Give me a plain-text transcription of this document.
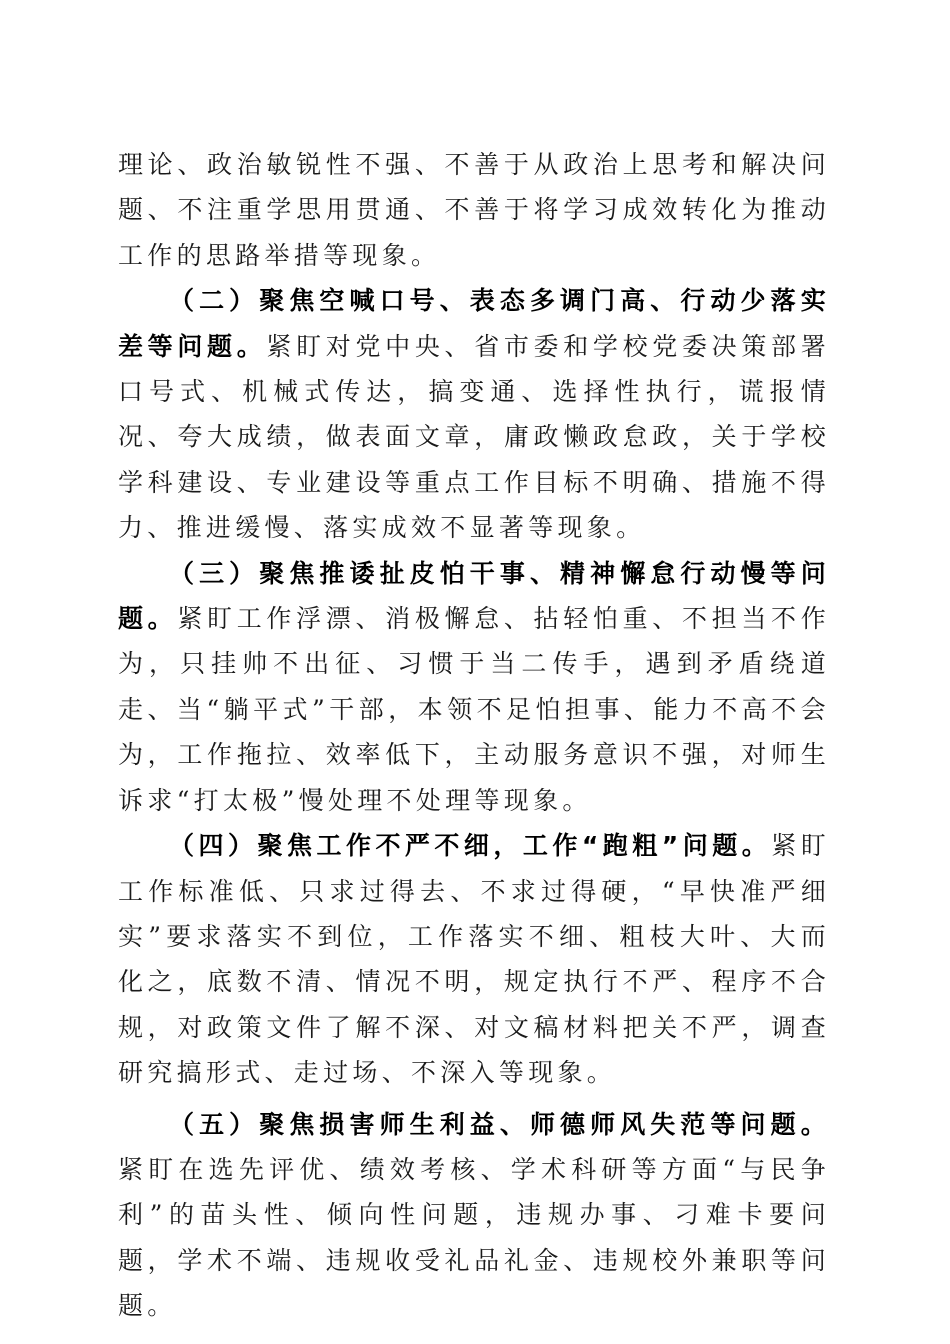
理论、政治敏锐性不强、不善于从政治上思考和解决问题、不注重学思用贯通、不善于将学习成效转化为推动工作的思路举措等现象。

（二）聚焦空喊口号、表态多调门高、行动少落实差等问题。紧盯对党中央、省市委和学校党委决策部署口号式、机械式传达，搞变通、选择性执行，谎报情况、夸大成绩，做表面文章，庸政懒政怠政，关于学校学科建设、专业建设等重点工作目标不明确、措施不得力、推进缓慢、落实成效不显著等现象。

（三）聚焦推诿扯皮怕干事、精神懈怠行动慢等问题。紧盯工作浮漂、消极懈怠、拈轻怕重、不担当不作为，只挂帅不出征、习惯于当二传手，遇到矛盾绕道走、当“躺平式”干部，本领不足怕担事、能力不高不会为，工作拖拉、效率低下，主动服务意识不强，对师生诉求“打太极”慢处理不处理等现象。

（四）聚焦工作不严不细，工作“跑粗”问题。紧盯工作标准低、只求过得去、不求过得硬，“早快准严细实”要求落实不到位，工作落实不细、粗枝大叶、大而化之，底数不清、情况不明，规定执行不严、程序不合规，对政策文件了解不深、对文稿材料把关不严，调查研究搞形式、走过场、不深入等现象。

（五）聚焦损害师生利益、师德师风失范等问题。紧盯在选先评优、绩效考核、学术科研等方面“与民争利”的苗头性、倾向性问题，违规办事、刁难卡要问题，学术不端、违规收受礼品礼金、违规校外兼职等问题。
